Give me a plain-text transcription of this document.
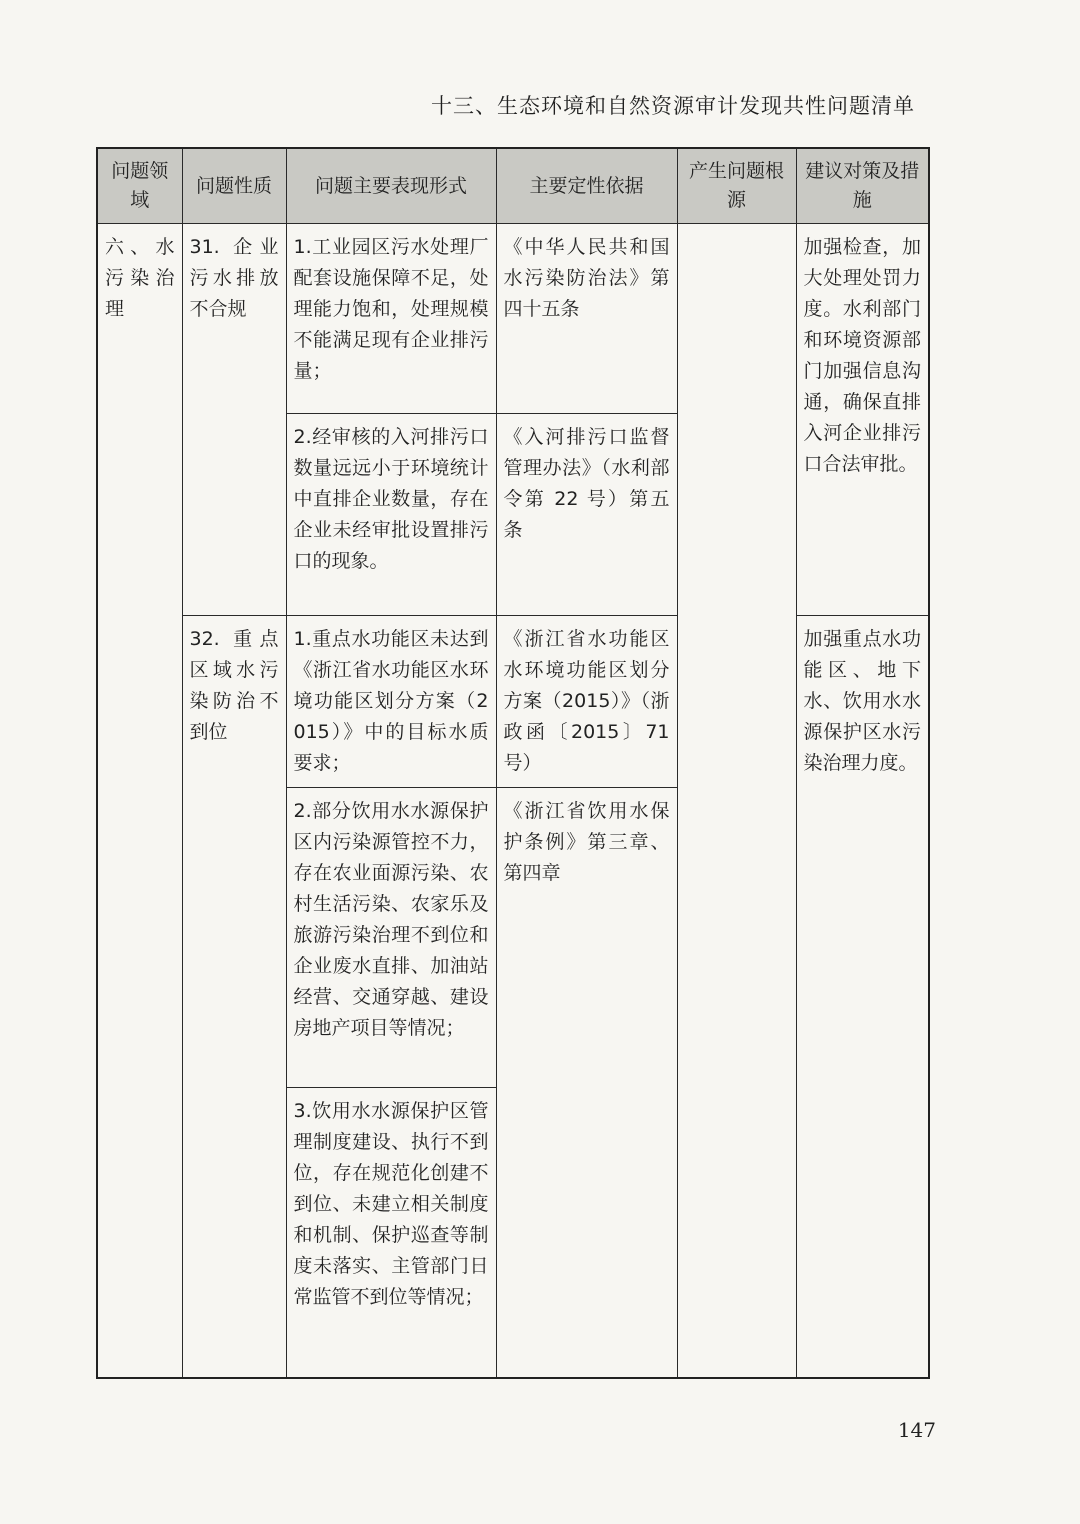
十三、生态环境和自然资源审计发现共性问题清单
问题领域	问题性质	问题主要表现形式	主要定性依据	产生问题根源	建议对策及措施
六、水污染治理	31. 企业污水排放不合规	1.工业园区污水处理厂配套设施保障不足，处理能力饱和，处理规模不能满足现有企业排污量；	《中华人民共和国水污染防治法》第四十五条		加强检查，加大处理处罚力度。水利部门和环境资源部门加强信息沟通，确保直排入河企业排污口合法审批。
		2.经审核的入河排污口数量远远小于环境统计中直排企业数量，存在企业未经审批设置排污口的现象。	《入河排污口监督管理办法》（水利部令第 22 号）第五条		
	32. 重点区域水污染防治不到位	1.重点水功能区未达到《浙江省水功能区水环境功能区划分方案（2015）》中的目标水质要求；	《浙江省水功能区水环境功能区划分方案（2015）》（浙政函〔2015〕71 号）		加强重点水功能区、地下水、饮用水水源保护区水污染治理力度。
		2.部分饮用水水源保护区内污染源管控不力，存在农业面源污染、农村生活污染、农家乐及旅游污染治理不到位和企业废水直排、加油站经营、交通穿越、建设房地产项目等情况；	《浙江省饮用水保护条例》第三章、第四章		
		3.饮用水水源保护区管理制度建设、执行不到位，存在规范化创建不到位、未建立相关制度和机制、保护巡查等制度未落实、主管部门日常监管不到位等情况；			
147
